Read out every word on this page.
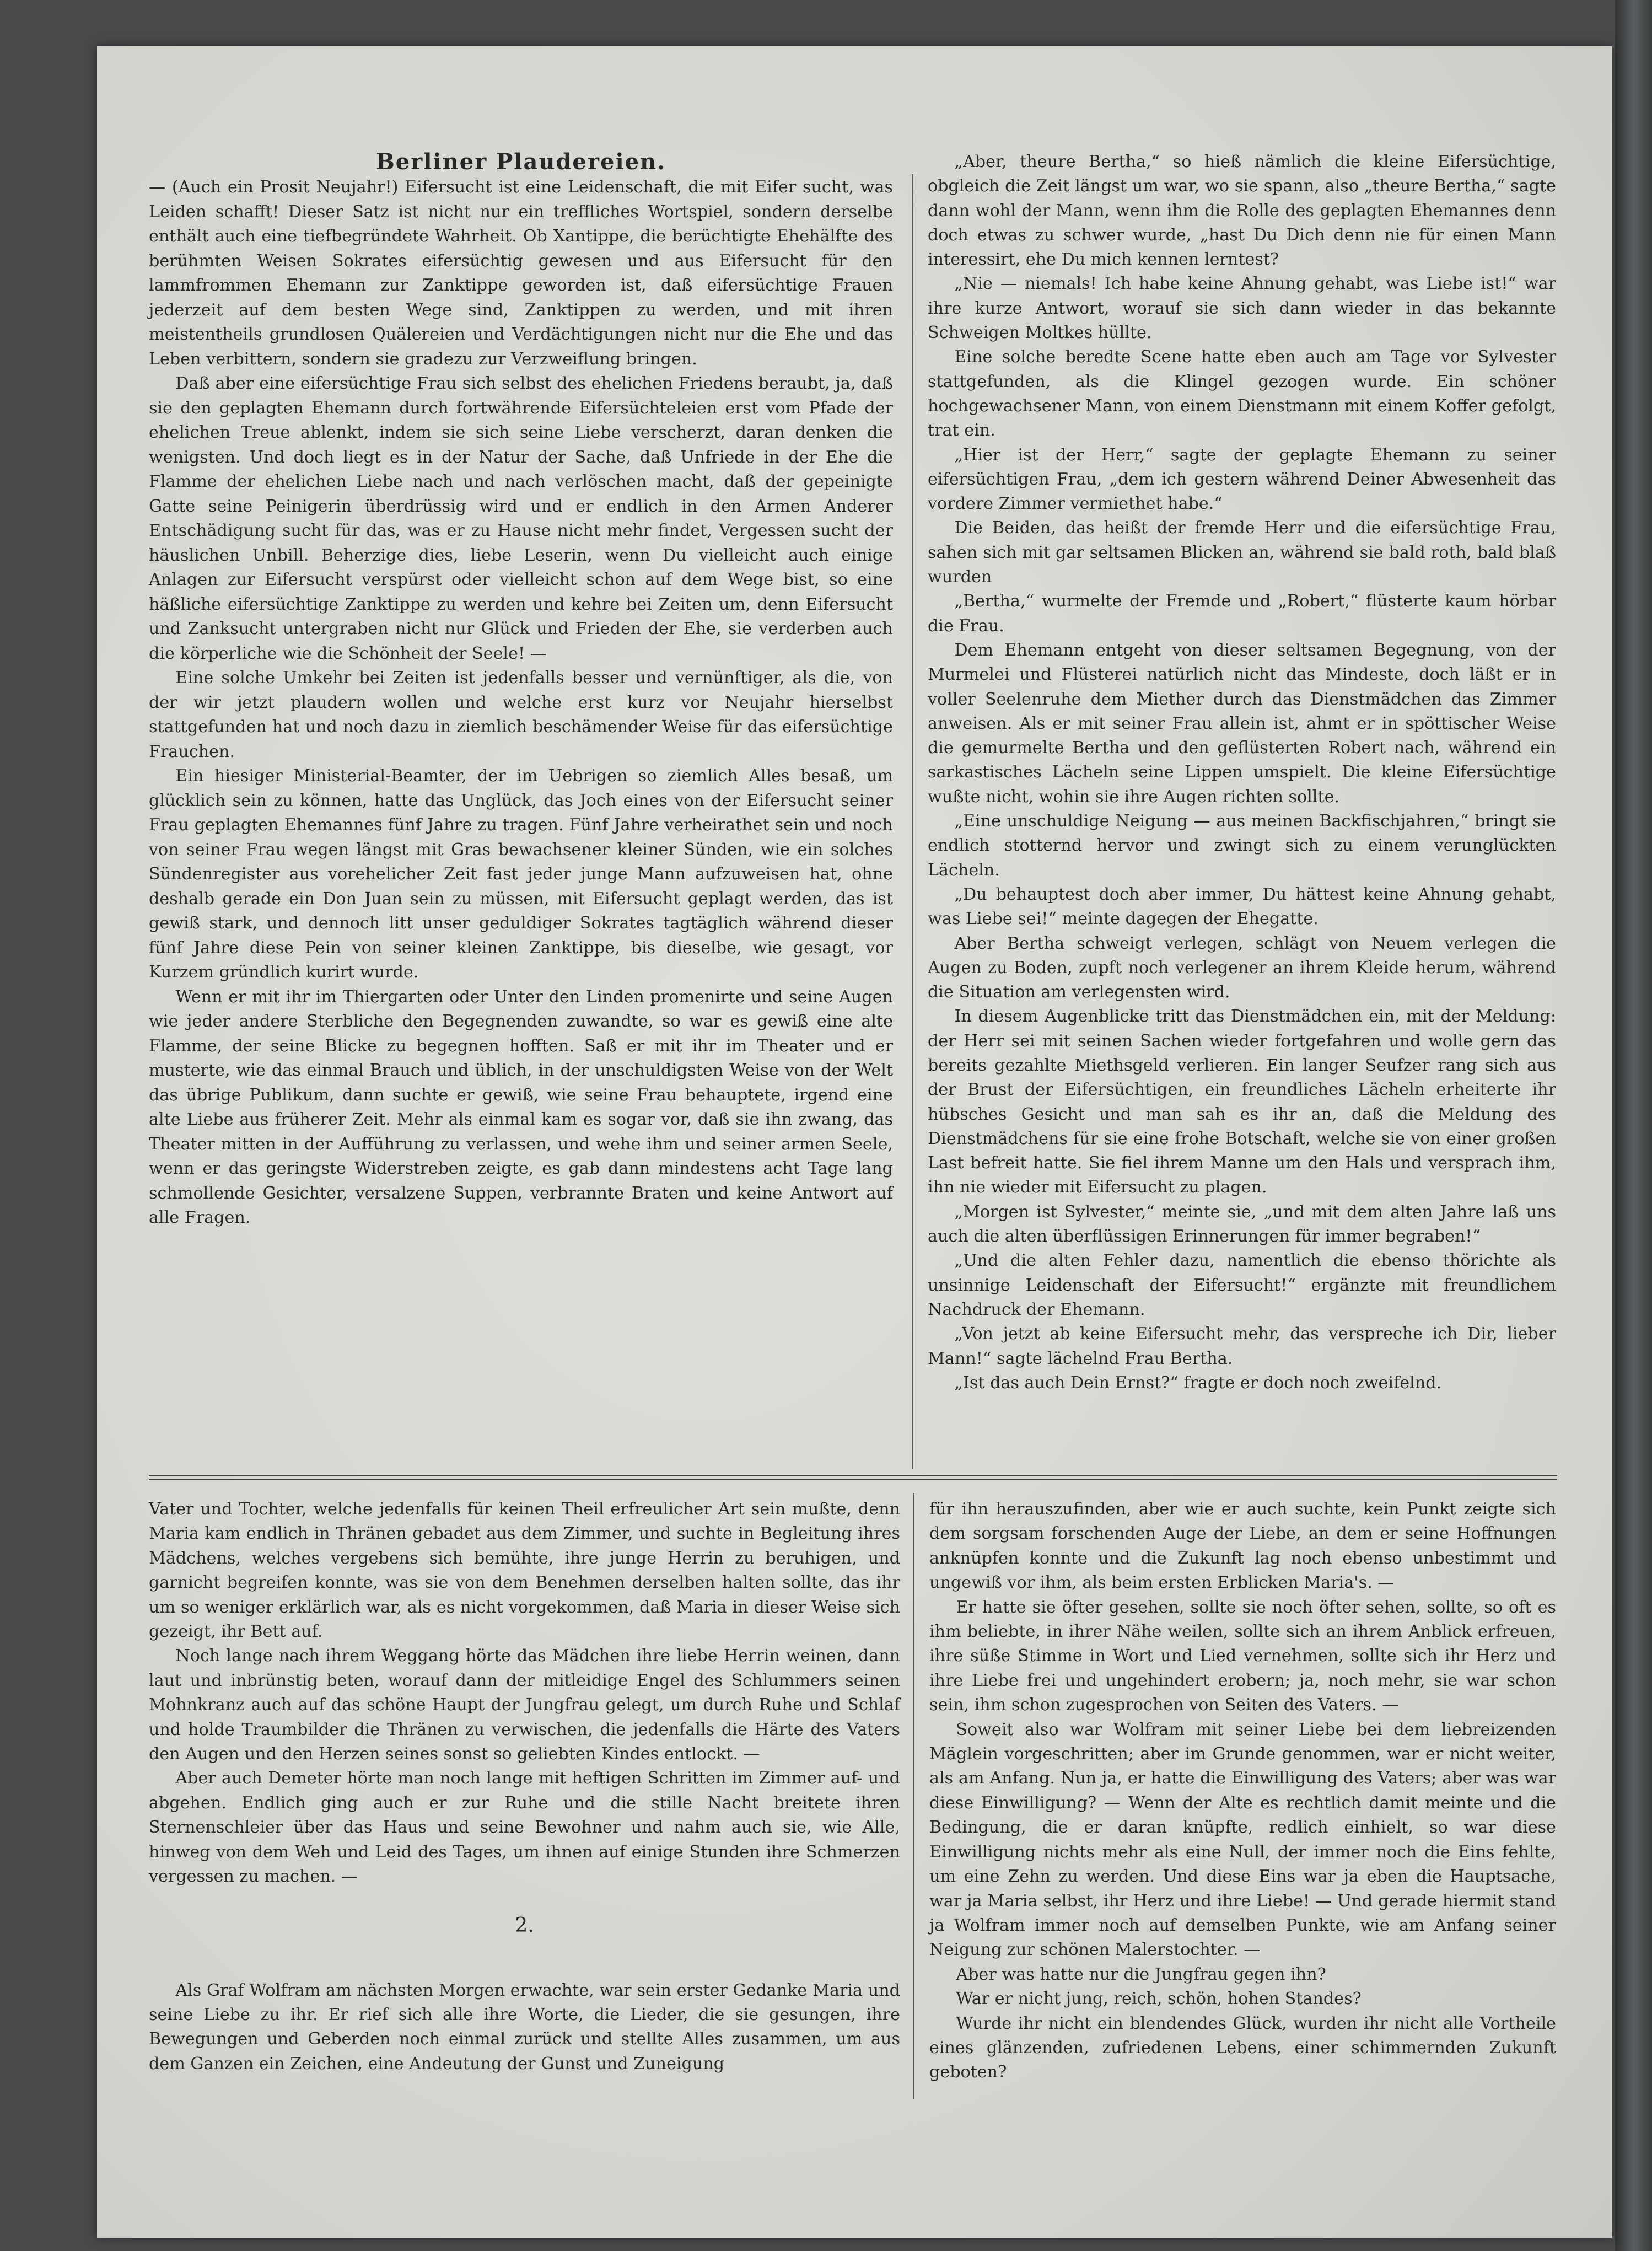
Berliner Plaudereien.

— (Auch ein Prosit Neujahr!) Eifersucht ist eine Leidenschaft, die mit Eifer sucht, was Leiden schafft! Dieser Satz ist nicht nur ein treffliches Wortspiel, sondern derselbe enthält auch eine tiefbegründete Wahrheit. Ob Xantippe, die berüchtigte Ehehälfte des berühmten Weisen Sokrates eifersüchtig gewesen und aus Eifersucht für den lammfrommen Ehemann zur Zanktippe geworden ist, daß eifersüchtige Frauen jederzeit auf dem besten Wege sind, Zanktippen zu werden, und mit ihren meistentheils grundlosen Quälereien und Verdächtigungen nicht nur die Ehe und das Leben verbittern, sondern sie gradezu zur Verzweiflung bringen.

Daß aber eine eifersüchtige Frau sich selbst des ehelichen Friedens beraubt, ja, daß sie den geplagten Ehemann durch fortwährende Eifersüchteleien erst vom Pfade der ehelichen Treue ablenkt, indem sie sich seine Liebe verscherzt, daran denken die wenigsten. Und doch liegt es in der Natur der Sache, daß Unfriede in der Ehe die Flamme der ehelichen Liebe nach und nach verlöschen macht, daß der gepeinigte Gatte seine Peinigerin überdrüssig wird und er endlich in den Armen Anderer Entschädigung sucht für das, was er zu Hause nicht mehr findet, Vergessen sucht der häuslichen Unbill. Beherzige dies, liebe Leserin, wenn Du vielleicht auch einige Anlagen zur Eifersucht verspürst oder vielleicht schon auf dem Wege bist, so eine häßliche eifersüchtige Zanktippe zu werden und kehre bei Zeiten um, denn Eifersucht und Zanksucht untergraben nicht nur Glück und Frieden der Ehe, sie verderben auch die körperliche wie die Schönheit der Seele! —

Eine solche Umkehr bei Zeiten ist jedenfalls besser und vernünftiger, als die, von der wir jetzt plaudern wollen und welche erst kurz vor Neujahr hierselbst stattgefunden hat und noch dazu in ziemlich beschämender Weise für das eifersüchtige Frauchen.

Ein hiesiger Ministerial-Beamter, der im Uebrigen so ziemlich Alles besaß, um glücklich sein zu können, hatte das Unglück, das Joch eines von der Eifersucht seiner Frau geplagten Ehemannes fünf Jahre zu tragen. Fünf Jahre verheirathet sein und noch von seiner Frau wegen längst mit Gras bewachsener kleiner Sünden, wie ein solches Sündenregister aus vorehelicher Zeit fast jeder junge Mann aufzuweisen hat, ohne deshalb gerade ein Don Juan sein zu müssen, mit Eifersucht geplagt werden, das ist gewiß stark, und dennoch litt unser geduldiger Sokrates tagtäglich während dieser fünf Jahre diese Pein von seiner kleinen Zanktippe, bis dieselbe, wie gesagt, vor Kurzem gründlich kurirt wurde.

Wenn er mit ihr im Thiergarten oder Unter den Linden promenirte und seine Augen wie jeder andere Sterbliche den Begegnenden zuwandte, so war es gewiß eine alte Flamme, der seine Blicke zu begegnen hofften. Saß er mit ihr im Theater und er musterte, wie das einmal Brauch und üblich, in der unschuldigsten Weise von der Welt das übrige Publikum, dann suchte er gewiß, wie seine Frau behauptete, irgend eine alte Liebe aus früherer Zeit. Mehr als einmal kam es sogar vor, daß sie ihn zwang, das Theater mitten in der Aufführung zu verlassen, und wehe ihm und seiner armen Seele, wenn er das geringste Widerstreben zeigte, es gab dann mindestens acht Tage lang schmollende Gesichter, versalzene Suppen, verbrannte Braten und keine Antwort auf alle Fragen.

„Aber, theure Bertha,“ so hieß nämlich die kleine Eifersüchtige, obgleich die Zeit längst um war, wo sie spann, also „theure Bertha,“ sagte dann wohl der Mann, wenn ihm die Rolle des geplagten Ehemannes denn doch etwas zu schwer wurde, „hast Du Dich denn nie für einen Mann interessirt, ehe Du mich kennen lerntest?

„Nie — niemals! Ich habe keine Ahnung gehabt, was Liebe ist!“ war ihre kurze Antwort, worauf sie sich dann wieder in das bekannte Schweigen Moltkes hüllte.

Eine solche beredte Scene hatte eben auch am Tage vor Sylvester stattgefunden, als die Klingel gezogen wurde. Ein schöner hochgewachsener Mann, von einem Dienstmann mit einem Koffer gefolgt, trat ein.

„Hier ist der Herr,“ sagte der geplagte Ehemann zu seiner eifersüchtigen Frau, „dem ich gestern während Deiner Abwesenheit das vordere Zimmer vermiethet habe.“

Die Beiden, das heißt der fremde Herr und die eifersüchtige Frau, sahen sich mit gar seltsamen Blicken an, während sie bald roth, bald blaß wurden

„Bertha,“ wurmelte der Fremde und „Robert,“ flüsterte kaum hörbar die Frau.

Dem Ehemann entgeht von dieser seltsamen Begegnung, von der Murmelei und Flüsterei natürlich nicht das Mindeste, doch läßt er in voller Seelenruhe dem Miether durch das Dienstmädchen das Zimmer anweisen. Als er mit seiner Frau allein ist, ahmt er in spöttischer Weise die gemurmelte Bertha und den geflüsterten Robert nach, während ein sarkastisches Lächeln seine Lippen umspielt. Die kleine Eifersüchtige wußte nicht, wohin sie ihre Augen richten sollte.

„Eine unschuldige Neigung — aus meinen Backfischjahren,“ bringt sie endlich stotternd hervor und zwingt sich zu einem verunglückten Lächeln.

„Du behauptest doch aber immer, Du hättest keine Ahnung gehabt, was Liebe sei!“ meinte dagegen der Ehegatte.

Aber Bertha schweigt verlegen, schlägt von Neuem verlegen die Augen zu Boden, zupft noch verlegener an ihrem Kleide herum, während die Situation am verlegensten wird.

In diesem Augenblicke tritt das Dienstmädchen ein, mit der Meldung: der Herr sei mit seinen Sachen wieder fortgefahren und wolle gern das bereits gezahlte Miethsgeld verlieren. Ein langer Seufzer rang sich aus der Brust der Eifersüchtigen, ein freundliches Lächeln erheiterte ihr hübsches Gesicht und man sah es ihr an, daß die Meldung des Dienstmädchens für sie eine frohe Botschaft, welche sie von einer großen Last befreit hatte. Sie fiel ihrem Manne um den Hals und versprach ihm, ihn nie wieder mit Eifersucht zu plagen.

„Morgen ist Sylvester,“ meinte sie, „und mit dem alten Jahre laß uns auch die alten überflüssigen Erinnerungen für immer begraben!“

„Und die alten Fehler dazu, namentlich die ebenso thörichte als unsinnige Leidenschaft der Eifersucht!“ ergänzte mit freundlichem Nachdruck der Ehemann.

„Von jetzt ab keine Eifersucht mehr, das verspreche ich Dir, lieber Mann!“ sagte lächelnd Frau Bertha.

„Ist das auch Dein Ernst?“ fragte er doch noch zweifelnd.

Vater und Tochter, welche jedenfalls für keinen Theil erfreulicher Art sein mußte, denn Maria kam endlich in Thränen gebadet aus dem Zimmer, und suchte in Begleitung ihres Mädchens, welches vergebens sich bemühte, ihre junge Herrin zu beruhigen, und garnicht begreifen konnte, was sie von dem Benehmen derselben halten sollte, das ihr um so weniger erklärlich war, als es nicht vorgekommen, daß Maria in dieser Weise sich gezeigt, ihr Bett auf.

Noch lange nach ihrem Weggang hörte das Mädchen ihre liebe Herrin weinen, dann laut und inbrünstig beten, worauf dann der mitleidige Engel des Schlummers seinen Mohnkranz auch auf das schöne Haupt der Jungfrau gelegt, um durch Ruhe und Schlaf und holde Traumbilder die Thränen zu verwischen, die jedenfalls die Härte des Vaters den Augen und den Herzen seines sonst so geliebten Kindes entlockt. —

Aber auch Demeter hörte man noch lange mit heftigen Schritten im Zimmer auf- und abgehen. Endlich ging auch er zur Ruhe und die stille Nacht breitete ihren Sternenschleier über das Haus und seine Bewohner und nahm auch sie, wie Alle, hinweg von dem Weh und Leid des Tages, um ihnen auf einige Stunden ihre Schmerzen vergessen zu machen. —

2.

Als Graf Wolfram am nächsten Morgen erwachte, war sein erster Gedanke Maria und seine Liebe zu ihr. Er rief sich alle ihre Worte, die Lieder, die sie gesungen, ihre Bewegungen und Geberden noch einmal zurück und stellte Alles zusammen, um aus dem Ganzen ein Zeichen, eine Andeutung der Gunst und Zuneigung

für ihn herauszufinden, aber wie er auch suchte, kein Punkt zeigte sich dem sorgsam forschenden Auge der Liebe, an dem er seine Hoffnungen anknüpfen konnte und die Zukunft lag noch ebenso unbestimmt und ungewiß vor ihm, als beim ersten Erblicken Maria's. —

Er hatte sie öfter gesehen, sollte sie noch öfter sehen, sollte, so oft es ihm beliebte, in ihrer Nähe weilen, sollte sich an ihrem Anblick erfreuen, ihre süße Stimme in Wort und Lied vernehmen, sollte sich ihr Herz und ihre Liebe frei und ungehindert erobern; ja, noch mehr, sie war schon sein, ihm schon zugesprochen von Seiten des Vaters. —

Soweit also war Wolfram mit seiner Liebe bei dem liebreizenden Mäglein vorgeschritten; aber im Grunde genommen, war er nicht weiter, als am Anfang. Nun ja, er hatte die Einwilligung des Vaters; aber was war diese Einwilligung? — Wenn der Alte es rechtlich damit meinte und die Bedingung, die er daran knüpfte, redlich einhielt, so war diese Einwilligung nichts mehr als eine Null, der immer noch die Eins fehlte, um eine Zehn zu werden. Und diese Eins war ja eben die Hauptsache, war ja Maria selbst, ihr Herz und ihre Liebe! — Und gerade hiermit stand ja Wolfram immer noch auf demselben Punkte, wie am Anfang seiner Neigung zur schönen Malerstochter. —

Aber was hatte nur die Jungfrau gegen ihn?

War er nicht jung, reich, schön, hohen Standes?

Wurde ihr nicht ein blendendes Glück, wurden ihr nicht alle Vortheile eines glänzenden, zufriedenen Lebens, einer schimmernden Zukunft geboten?
